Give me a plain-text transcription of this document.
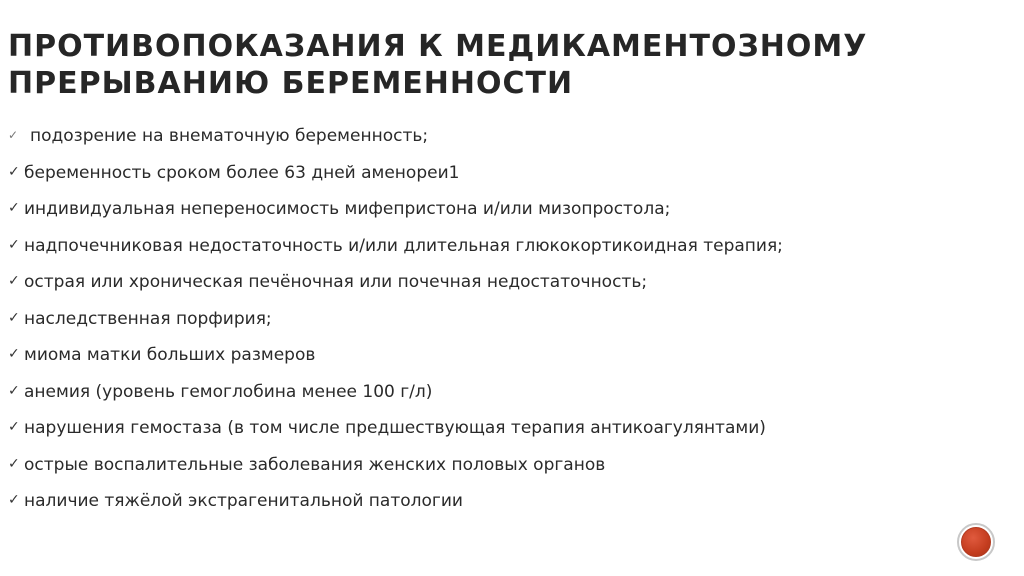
ПРОТИВОПОКАЗАНИЯ К МЕДИКАМЕНТОЗНОМУ
ПРЕРЫВАНИЮ БЕРЕМЕННОСТИ
✓ подозрение на внематочную беременность;
✓ беременность сроком более 63 дней аменореи1
✓ индивидуальная непереносимость мифепристона и/или мизопростола;
✓ надпочечниковая недостаточность и/или длительная глюкокортикоидная терапия;
✓ острая или хроническая печёночная или почечная недостаточность;
✓ наследственная порфирия;
✓ миома матки больших размеров
✓ анемия (уровень гемоглобина менее 100 г/л)
✓ нарушения гемостаза (в том числе предшествующая терапия антикоагулянтами)
✓ острые воспалительные заболевания женских половых органов
✓ наличие тяжёлой экстрагенитальной патологии
